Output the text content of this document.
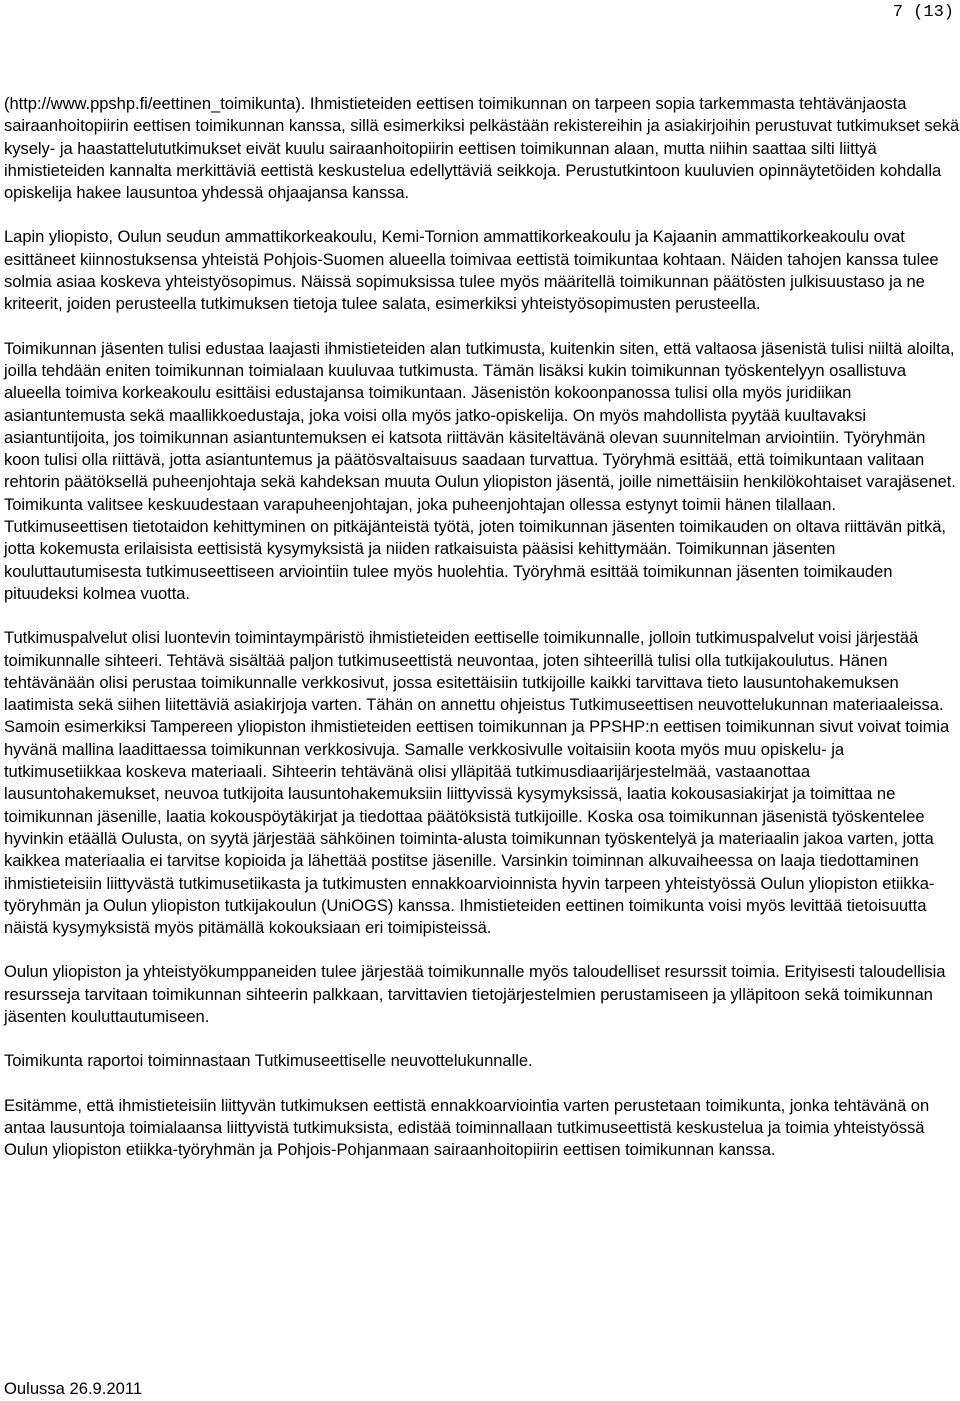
7 (13)

(http://www.ppshp.fi/eettinen_toimikunta). Ihmistieteiden eettisen toimikunnan on tarpeen sopia tarkemmasta tehtävänjaosta sairaanhoitopiirin eettisen toimikunnan kanssa, sillä esimerkiksi pelkästään rekistereihin ja asiakirjoihin perustuvat tutkimukset sekä kysely- ja haastattelututkimukset eivät kuulu sairaanhoitopiirin eettisen toimikunnan alaan, mutta niihin saattaa silti liittyä ihmistieteiden kannalta merkittäviä eettistä keskustelua edellyttäviä seikkoja. Perustutkintoon kuuluvien opinnäytetöiden kohdalla opiskelija hakee lausuntoa yhdessä ohjaajansa kanssa.

Lapin yliopisto, Oulun seudun ammattikorkeakoulu, Kemi-Tornion ammattikorkeakoulu ja Kajaanin ammattikorkeakoulu ovat esittäneet kiinnostuksensa yhteistä Pohjois-Suomen alueella toimivaa eettistä toimikuntaa kohtaan. Näiden tahojen kanssa tulee solmia asiaa koskeva yhteistyösopimus. Näissä sopimuksissa tulee myös määritellä toimikunnan päätösten julkisuustaso ja ne kriteerit, joiden perusteella tutkimuksen tietoja tulee salata, esimerkiksi yhteistyösopimusten perusteella.

Toimikunnan jäsenten tulisi edustaa laajasti ihmistieteiden alan tutkimusta, kuitenkin siten, että valtaosa jäsenistä tulisi niiltä aloilta, joilla tehdään eniten toimikunnan toimialaan kuuluvaa tutkimusta. Tämän lisäksi kukin toimikunnan työskentelyyn osallistuva alueella toimiva korkeakoulu esittäisi edustajansa toimikuntaan. Jäsenistön kokoonpanossa tulisi olla myös juridiikan asiantuntemusta sekä maallikkoedustaja, joka voisi olla myös jatko-opiskelija. On myös mahdollista pyytää kuultavaksi asiantuntijoita, jos toimikunnan asiantuntemuksen ei katsota riittävän käsiteltävänä olevan suunnitelman arviointiin. Työryhmän koon tulisi olla riittävä, jotta asiantuntemus ja päätösvaltaisuus saadaan turvattua. Työryhmä esittää, että toimikuntaan valitaan rehtorin päätöksellä puheenjohtaja sekä kahdeksan muuta Oulun yliopiston jäsentä, joille nimettäisiin henkilökohtaiset varajäsenet. Toimikunta valitsee keskuudestaan varapuheenjohtajan, joka puheenjohtajan ollessa estynyt toimii hänen tilallaan. Tutkimuseettisen tietotaidon kehittyminen on pitkäjänteistä työtä, joten toimikunnan jäsenten toimikauden on oltava riittävän pitkä, jotta kokemusta erilaisista eettisistä kysymyksistä ja niiden ratkaisuista pääsisi kehittymään. Toimikunnan jäsenten kouluttautumisesta tutkimuseettiseen arviointiin tulee myös huolehtia. Työryhmä esittää toimikunnan jäsenten toimikauden pituudeksi kolmea vuotta.

Tutkimuspalvelut olisi luontevin toimintaympäristö ihmistieteiden eettiselle toimikunnalle, jolloin tutkimuspalvelut voisi järjestää toimikunnalle sihteeri. Tehtävä sisältää paljon tutkimuseettistä neuvontaa, joten sihteerillä tulisi olla tutkijakoulutus. Hänen tehtävänään olisi perustaa toimikunnalle verkkosivut, jossa esitettäisiin tutkijoille kaikki tarvittava tieto lausuntohakemuksen laatimista sekä siihen liitettäviä asiakirjoja varten. Tähän on annettu ohjeistus Tutkimuseettisen neuvottelukunnan materiaaleissa. Samoin esimerkiksi Tampereen yliopiston ihmistieteiden eettisen toimikunnan ja PPSHP:n eettisen toimikunnan sivut voivat toimia hyvänä mallina laadittaessa toimikunnan verkkosivuja. Samalle verkkosivulle voitaisiin koota myös muu opiskelu- ja tutkimusetiikkaa koskeva materiaali. Sihteerin tehtävänä olisi ylläpitää tutkimusdiaarijärjestelmää, vastaanottaa lausuntohakemukset, neuvoa tutkijoita lausuntohakemuksiin liittyvissä kysymyksissä, laatia kokousasiakirjat ja toimittaa ne toimikunnan jäsenille, laatia kokouspöytäkirjat ja tiedottaa päätöksistä tutkijoille. Koska osa toimikunnan jäsenistä työskentelee hyvinkin etäällä Oulusta, on syytä järjestää sähköinen toiminta-alusta toimikunnan työskentelyä ja materiaalin jakoa varten, jotta kaikkea materiaalia ei tarvitse kopioida ja lähettää postitse jäsenille. Varsinkin toiminnan alkuvaiheessa on laaja tiedottaminen ihmistieteisiin liittyvästä tutkimusetiikasta ja tutkimusten ennakkoarvioinnista hyvin tarpeen yhteistyössä Oulun yliopiston etiikka-työryhmän ja Oulun yliopiston tutkijakoulun (UniOGS) kanssa. Ihmistieteiden eettinen toimikunta voisi myös levittää tietoisuutta näistä kysymyksistä myös pitämällä kokouksiaan eri toimipisteissä.

Oulun yliopiston ja yhteistyökumppaneiden tulee järjestää toimikunnalle myös taloudelliset resurssit toimia. Erityisesti taloudellisia resursseja tarvitaan toimikunnan sihteerin palkkaan, tarvittavien tietojärjestelmien perustamiseen ja ylläpitoon sekä toimikunnan jäsenten kouluttautumiseen.

Toimikunta raportoi toiminnastaan Tutkimuseettiselle neuvottelukunnalle.

Esitämme, että ihmistieteisiin liittyvän tutkimuksen eettistä ennakkoarviointia varten perustetaan toimikunta, jonka tehtävänä on antaa lausuntoja toimialaansa liittyvistä tutkimuksista, edistää toiminnallaan tutkimuseettistä keskustelua ja toimia yhteistyössä Oulun yliopiston etiikka-työryhmän ja Pohjois-Pohjanmaan sairaanhoitopiirin eettisen toimikunnan kanssa.

Oulussa 26.9.2011
